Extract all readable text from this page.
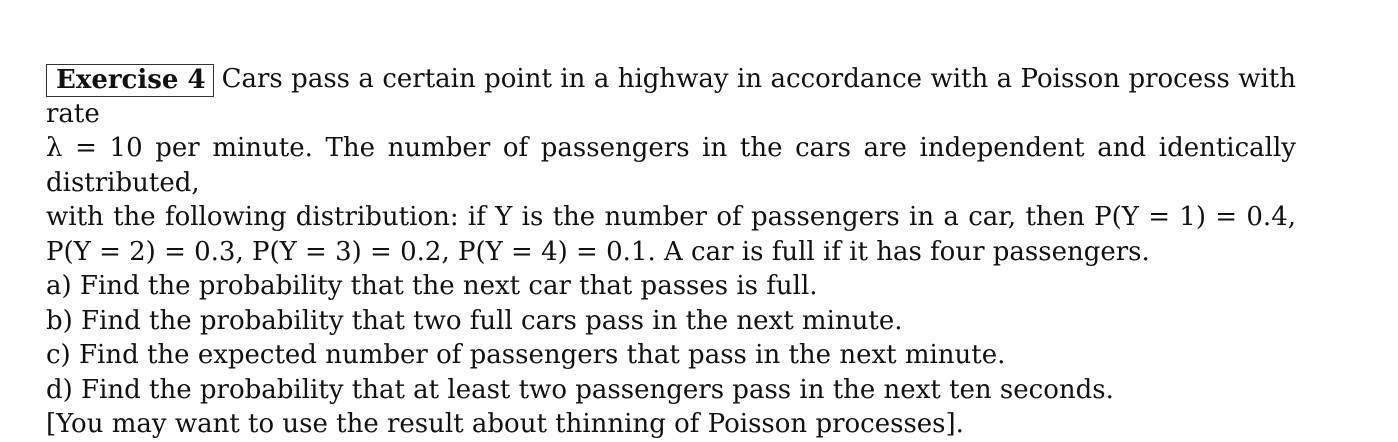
Exercise 4 Cars pass a certain point in a highway in accordance with a Poisson process with rate
λ = 10 per minute. The number of passengers in the cars are independent and identically distributed,
with the following distribution: if Y is the number of passengers in a car, then P(Y = 1) = 0.4,
P(Y = 2) = 0.3, P(Y = 3) = 0.2, P(Y = 4) = 0.1. A car is full if it has four passengers.
a) Find the probability that the next car that passes is full.
b) Find the probability that two full cars pass in the next minute.
c) Find the expected number of passengers that pass in the next minute.
d) Find the probability that at least two passengers pass in the next ten seconds.
[You may want to use the result about thinning of Poisson processes].
